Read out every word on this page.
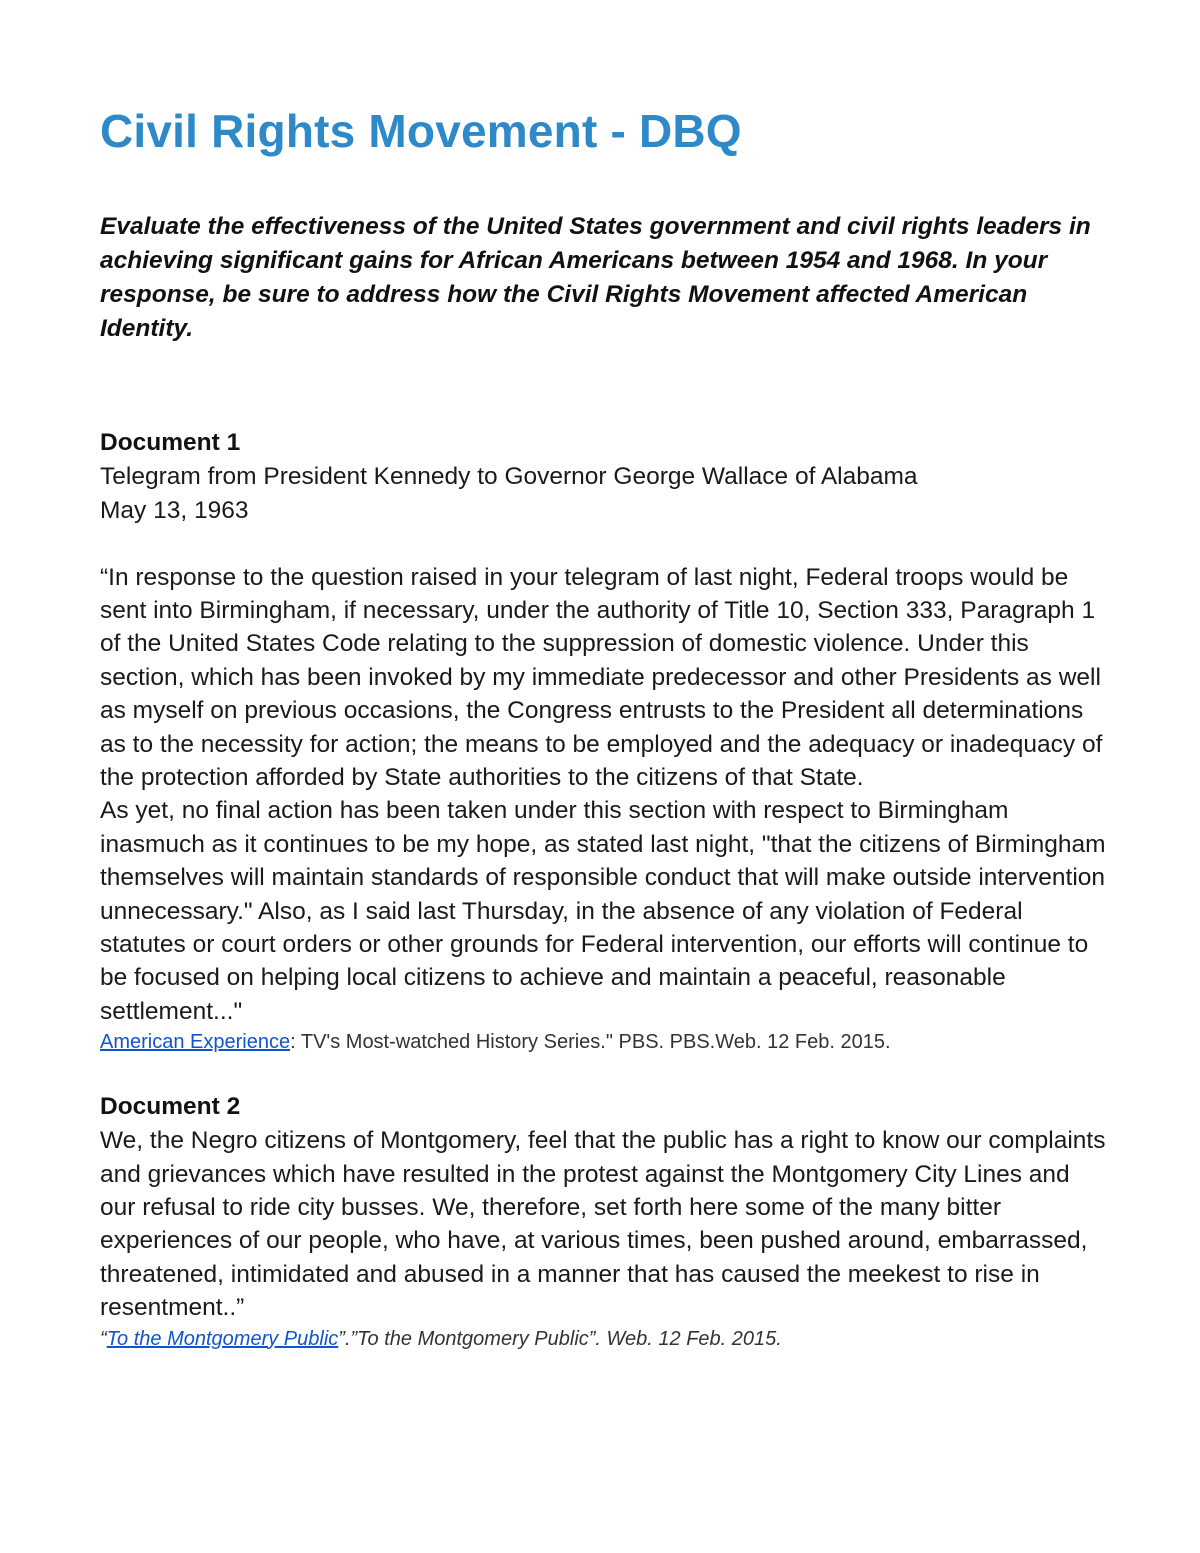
Civil Rights Movement - DBQ

Evaluate the effectiveness of the United States government and civil rights leaders in achieving significant gains for African Americans between 1954 and 1968. In your response, be sure to address how the Civil Rights Movement affected American Identity.

Document 1

Telegram from President Kennedy to Governor George Wallace of Alabama

May 13, 1963

“In response to the question raised in your telegram of last night, Federal troops would be sent into Birmingham, if necessary, under the authority of Title 10, Section 333, Paragraph 1 of the United States Code relating to the suppression of domestic violence. Under this section, which has been invoked by my immediate predecessor and other Presidents as well as myself on previous occasions, the Congress entrusts to the President all determinations as to the necessity for action; the means to be employed and the adequacy or inadequacy of the protection afforded by State authorities to the citizens of that State.

As yet, no final action has been taken under this section with respect to Birmingham inasmuch as it continues to be my hope, as stated last night, "that the citizens of Birmingham themselves will maintain standards of responsible conduct that will make outside intervention unnecessary." Also, as I said last Thursday, in the absence of any violation of Federal statutes or court orders or other grounds for Federal intervention, our efforts will continue to be focused on helping local citizens to achieve and maintain a peaceful, reasonable settlement..."

American Experience: TV's Most-watched History Series." PBS. PBS.Web. 12 Feb. 2015.

Document 2

We, the Negro citizens of Montgomery, feel that the public has a right to know our complaints and grievances which have resulted in the protest against the Montgomery City Lines and our refusal to ride city busses. We, therefore, set forth here some of the many bitter experiences of our people, who have, at various times, been pushed around, embarrassed, threatened, intimidated and abused in a manner that has caused the meekest to rise in resentment..”

“To the Montgomery Public”.”To the Montgomery Public”. Web. 12 Feb. 2015.
